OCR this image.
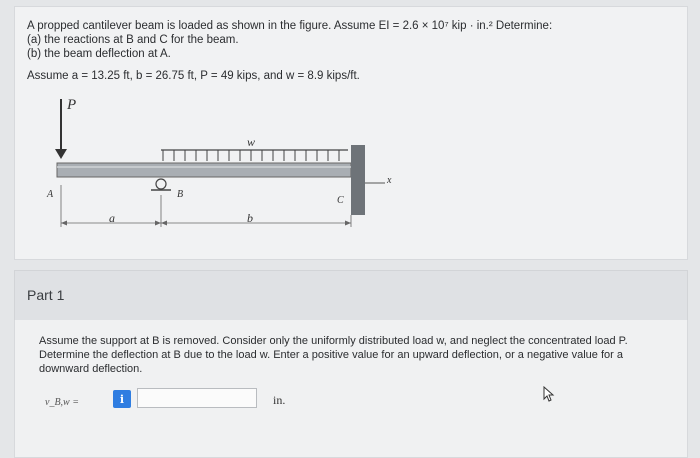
A propped cantilever beam is loaded as shown in the figure. Assume EI = 2.6 × 10⁷ kip · in.² Determine:
(a) the reactions at B and C for the beam.
(b) the beam deflection at A.
Assume a = 13.25 ft, b = 26.75 ft, P = 49 kips, and w = 8.9 kips/ft.
P
w
A	B
C
a	b
x
Part 1
Assume the support at B is removed. Consider only the uniformly distributed load w, and neglect the concentrated load P.
Determine the deflection at B due to the load w. Enter a positive value for an upward deflection, or a negative value for a
downward deflection.
v_B,w =	i	in.
